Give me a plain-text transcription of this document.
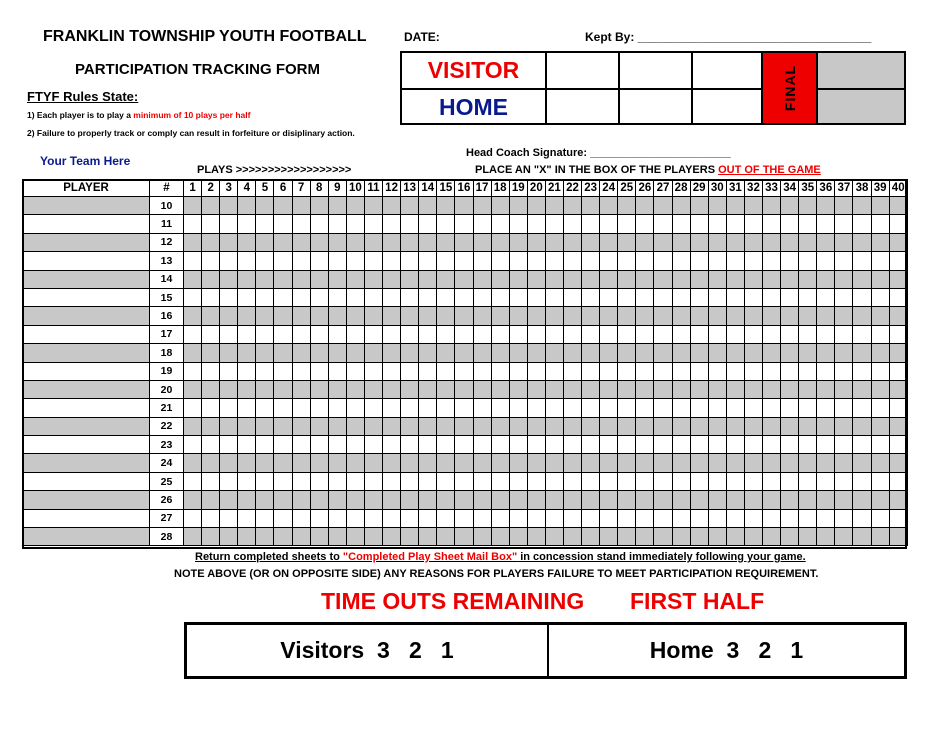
FRANKLIN TOWNSHIP YOUTH FOOTBALL
PARTICIPATION TRACKING FORM
DATE:	Kept By: ___________________________________
FTYF Rules State:
1) Each player is to play a minimum of 10 plays per half
2) Failure to properly track or comply can result in forfeiture or disiplinary action.
Your Team Here
Head Coach Signature: _______________________
PLAYS >>>>>>>>>>>>>>>>>>	PLACE AN "X" IN THE BOX OF THE PLAYERS OUT OF THE GAME
VISITOR
HOME	FINAL
PLAYER	#	1	2	3	4	5	6	7	8	9	10	11	12	13	14	15	16	17	18	19	20	21	22	23	24	25	26	27	28	29	30	31	32	33	34	35	36	37	38	39	40
	10																																								
	11																																								
	12																																								
	13																																								
	14																																								
	15																																								
	16																																								
	17																																								
	18																																								
	19																																								
	20																																								
	21																																								
	22																																								
	23																																								
	24																																								
	25																																								
	26																																								
	27																																								
	28																																								
Return completed sheets to "Completed Play Sheet Mail Box" in concession stand immediately following your game.
NOTE ABOVE (OR ON OPPOSITE SIDE) ANY REASONS FOR PLAYERS FAILURE TO MEET PARTICIPATION REQUIREMENT.
TIME OUTS REMAINING FIRST HALF
Visitors  3   2   1	Home  3   2   1
